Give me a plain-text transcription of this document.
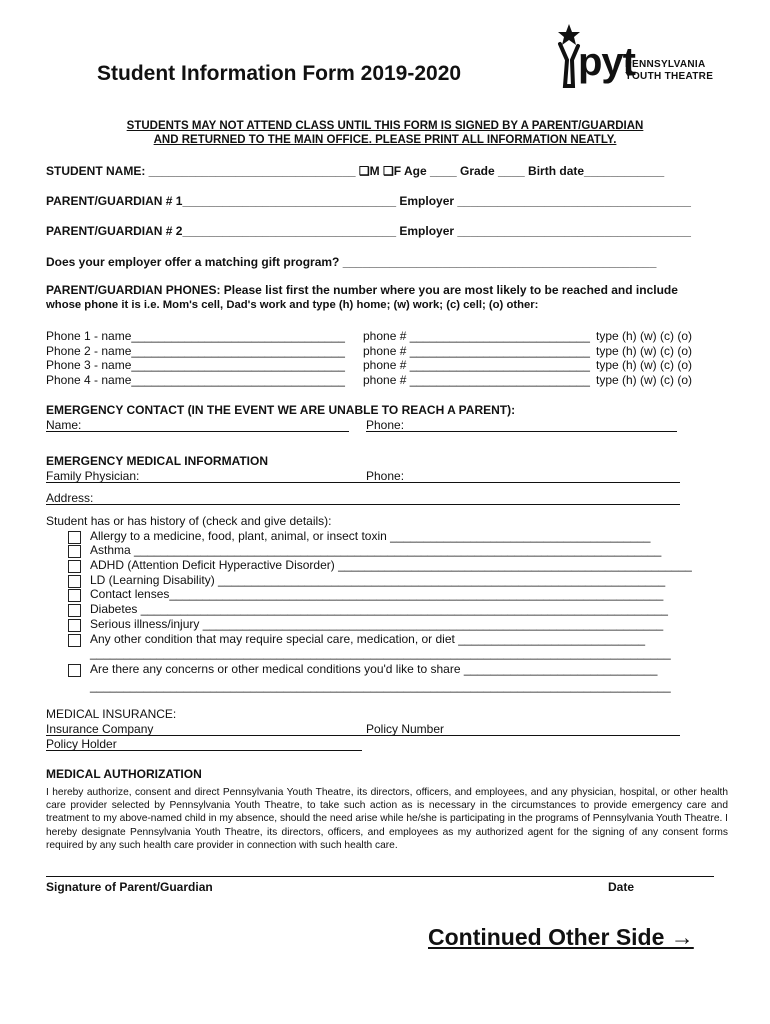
Student Information Form 2019-2020	pyt
PENNSYLVANIA
YOUTH THEATRE
STUDENTS MAY NOT ATTEND CLASS UNTIL THIS FORM IS SIGNED BY A PARENT/GUARDIAN
AND RETURNED TO THE MAIN OFFICE. PLEASE PRINT ALL INFORMATION NEATLY.
STUDENT NAME: _______________________________ ❏M ❏F Age ____ Grade ____ Birth date____________
PARENT/GUARDIAN # 1________________________________ Employer ___________________________________
PARENT/GUARDIAN # 2________________________________ Employer ___________________________________
Does your employer offer a matching gift program? _______________________________________________
PARENT/GUARDIAN PHONES: Please list first the number where you are most likely to be reached and include
whose phone it is i.e. Mom's cell, Dad's work and type (h) home; (w) work; (c) cell; (o) other:
Phone 1 - name________________________________ phone # ___________________________ type (h) (w) (c) (o)
Phone 2 - name________________________________ phone # ___________________________ type (h) (w) (c) (o)
Phone 3 - name________________________________ phone # ___________________________ type (h) (w) (c) (o)
Phone 4 - name________________________________ phone # ___________________________ type (h) (w) (c) (o)
EMERGENCY CONTACT (IN THE EVENT WE ARE UNABLE TO REACH A PARENT):
Name:	Phone:
EMERGENCY MEDICAL INFORMATION
Family Physician:	Phone:
Address:
Student has or has history of (check and give details):
Allergy to a medicine, food, plant, animal, or insect toxin _______________________________________
Asthma _______________________________________________________________________________
ADHD (Attention Deficit Hyperactive Disorder) _____________________________________________________
LD (Learning Disability) ___________________________________________________________________
Contact lenses__________________________________________________________________________
Diabetes _______________________________________________________________________________
Serious illness/injury _____________________________________________________________________
Any other condition that may require special care, medication, or diet ____________________________
_______________________________________________________________________________________
Are there any concerns or other medical conditions you'd like to share _____________________________
_______________________________________________________________________________________
MEDICAL INSURANCE:
Insurance Company	Policy Number
Policy Holder
MEDICAL AUTHORIZATION
I hereby authorize, consent and direct Pennsylvania Youth Theatre, its directors, officers, and employees, and any physician, hospital, or other health care provider selected by Pennsylvania Youth Theatre, to take such action as is necessary in the circumstances to provide emergency care and treatment to my above-named child in my absence, should the need arise while he/she is participating in the programs of Pennsylvania Youth Theatre. I hereby designate Pennsylvania Youth Theatre, its directors, officers, and employees as my authorized agent for the signing of any consent forms required by any such health care provider in connection with such health care.
Signature of Parent/Guardian	Date
Continued Other Side →
